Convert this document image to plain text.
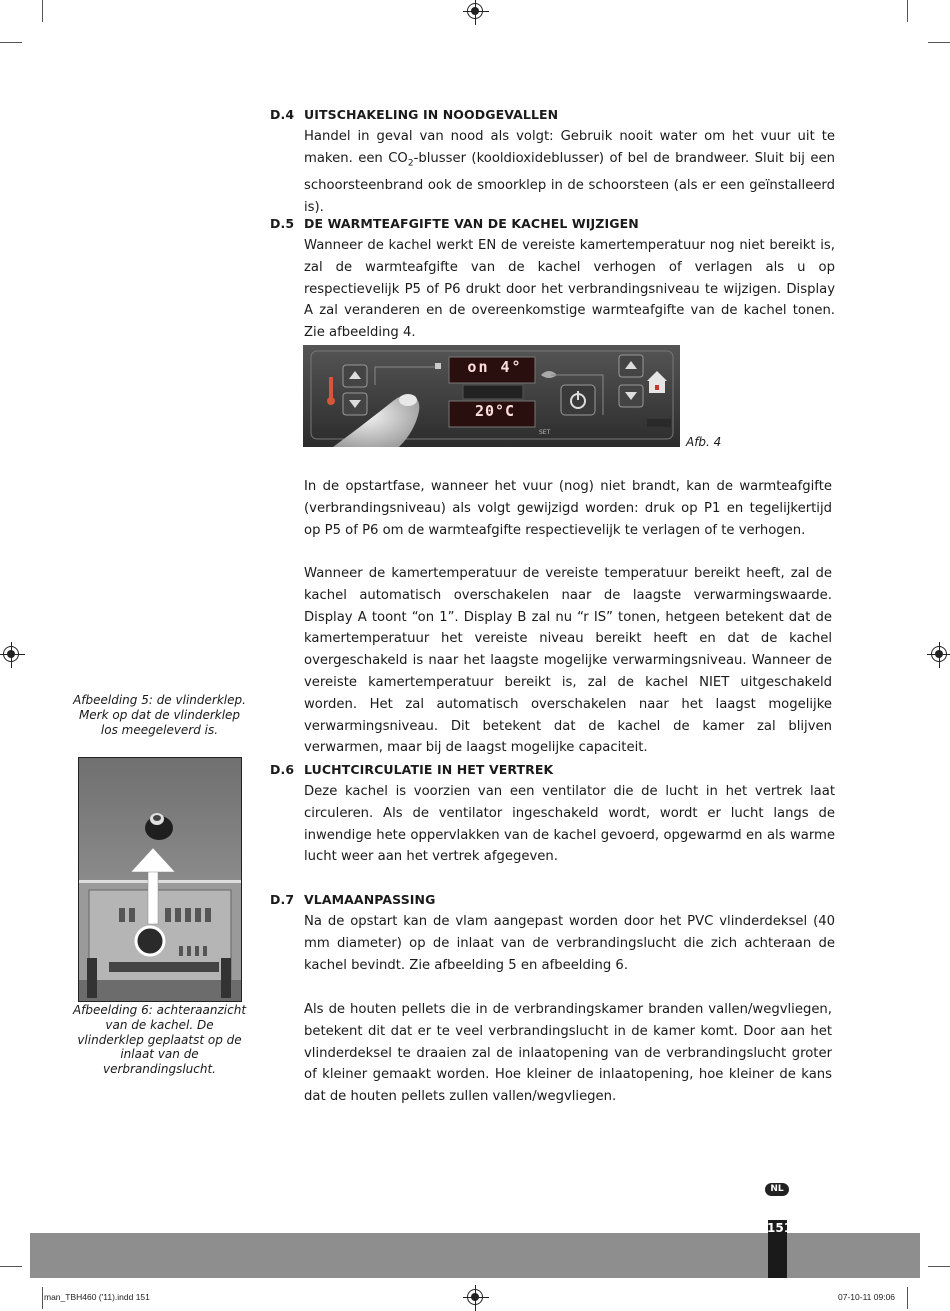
D.4 UITSCHAKELING IN NOODGEVALLEN
Handel in geval van nood als volgt: Gebruik nooit water om het vuur uit te maken. een $CO_2$-blusser (kooldioxideblusser) of bel de brandweer. Sluit bij een schoorsteenbrand ook de smoorklep in de schoorsteen (als er een geïnstalleerd is).
D.5 DE WARMTEAFGIFTE VAN DE KACHEL WIJZIGEN
Wanneer de kachel werkt EN de vereiste kamertemperatuur nog niet bereikt is, zal de warmteafgifte van de kachel verhogen of verlagen als u op respectievelijk P5 of P6 drukt door het verbrandingsniveau te wijzigen. Display A zal veranderen en de overeenkomstige warmteafgifte van de kachel tonen. Zie afbeelding 4.
on 4°
20°C
SET
Afb. 4
In de opstartfase, wanneer het vuur (nog) niet brandt, kan de warmteafgifte (verbrandingsniveau) als volgt gewijzigd worden: druk op P1 en tegelijkertijd op P5 of P6 om de warmteafgifte respectievelijk te verlagen of te verhogen.
Wanneer de kamertemperatuur de vereiste temperatuur bereikt heeft, zal de kachel automatisch overschakelen naar de laagste verwarmingswaarde. Display A toont “on 1”. Display B zal nu “r IS” tonen, hetgeen betekent dat de kamertemperatuur het vereiste niveau bereikt heeft en dat de kachel overgeschakeld is naar het laagste mogelijke verwarmingsniveau. Wanneer de vereiste kamertemperatuur bereikt is, zal de kachel NIET uitgeschakeld worden. Het zal automatisch overschakelen naar het laagst mogelijke verwarmingsniveau. Dit betekent dat de kachel de kamer zal blijven verwarmen, maar bij de laagst mogelijke capaciteit.
D.6 LUCHTCIRCULATIE IN HET VERTREK
Deze kachel is voorzien van een ventilator die de lucht in het vertrek laat circuleren. Als de ventilator ingeschakeld wordt, wordt er lucht langs de inwendige hete oppervlakken van de kachel gevoerd, opgewarmd en als warme lucht weer aan het vertrek afgegeven.
D.7 VLAMAANPASSING
Na de opstart kan de vlam aangepast worden door het PVC vlinderdeksel (40 mm diameter) op de inlaat van de verbrandingslucht die zich achteraan de kachel bevindt. Zie afbeelding 5 en afbeelding 6.
Als de houten pellets die in de verbrandingskamer branden vallen/wegvliegen, betekent dit dat er te veel verbrandingslucht in de kamer komt. Door aan het vlinderdeksel te draaien zal de inlaatopening van de verbrandingslucht groter of kleiner gemaakt worden. Hoe kleiner de inlaatopening, hoe kleiner de kans dat de houten pellets zullen vallen/wegvliegen.
Afbeelding 5: de vlinderklep. Merk op dat de vlinderklep los meegeleverd is.
Afbeelding 6: achteraanzicht van de kachel. De vlinderklep geplaatst op de inlaat van de verbrandingslucht.
NL
151
man_TBH460 ('11).indd 151	07-10-11 09:06
